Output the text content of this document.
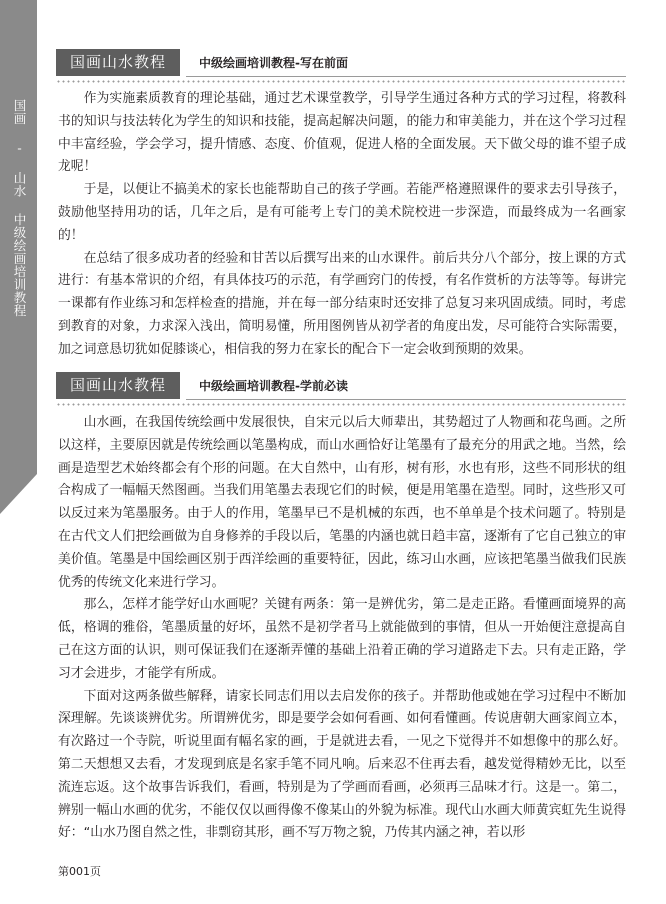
国画 - 山水 中级绘画培训教程
国画山水教程	中级绘画培训教程-写在前面

作为实施素质教育的理论基础，通过艺术课堂教学，引导学生通过各种方式的学习过程，将教科书的知识与技法转化为学生的知识和技能，提高起解决问题，的能力和审美能力，并在这个学习过程中丰富经验，学会学习，提升情感、态度、价值观，促进人格的全面发展。天下做父母的谁不望子成龙呢！

于是，以便让不搞美术的家长也能帮助自己的孩子学画。若能严格遵照课件的要求去引导孩子，鼓励他坚持用功的话，几年之后，是有可能考上专门的美术院校进一步深造，而最终成为一名画家的！

在总结了很多成功者的经验和甘苦以后撰写出来的山水课件。前后共分八个部分，按上课的方式进行：有基本常识的介绍，有具体技巧的示范，有学画窍门的传授，有名作赏析的方法等等。每讲完一课都有作业练习和怎样检查的措施，并在每一部分结束时还安排了总复习来巩固成绩。同时，考虑到教育的对象，力求深入浅出，简明易懂，所用图例皆从初学者的角度出发，尽可能符合实际需要，加之词意恳切犹如促膝谈心，相信我的努力在家长的配合下一定会收到预期的效果。

国画山水教程	中级绘画培训教程-学前必读

山水画，在我国传统绘画中发展很快，自宋元以后大师辈出，其势超过了人物画和花鸟画。之所以这样，主要原因就是传统绘画以笔墨构成，而山水画恰好让笔墨有了最充分的用武之地。当然，绘画是造型艺术始终都会有个形的问题。在大自然中，山有形，树有形，水也有形，这些不同形状的组合构成了一幅幅天然图画。当我们用笔墨去表现它们的时候，便是用笔墨在造型。同时，这些形又可以反过来为笔墨服务。由于人的作用，笔墨早已不是机械的东西，也不单单是个技术问题了。特别是在古代文人们把绘画做为自身修养的手段以后，笔墨的内涵也就日趋丰富，逐渐有了它自己独立的审美价值。笔墨是中国绘画区别于西洋绘画的重要特征，因此，练习山水画，应该把笔墨当做我们民族优秀的传统文化来进行学习。

那么，怎样才能学好山水画呢？关键有两条：第一是辨优劣，第二是走正路。看懂画面境界的高低，格调的雅俗，笔墨质量的好坏，虽然不是初学者马上就能做到的事情，但从一开始便注意提高自己在这方面的认识，则可保证我们在逐渐弄懂的基础上沿着正确的学习道路走下去。只有走正路，学习才会进步，才能学有所成。

下面对这两条做些解释，请家长同志们用以去启发你的孩子。并帮助他或她在学习过程中不断加深理解。先谈谈辨优劣。所谓辨优劣，即是要学会如何看画、如何看懂画。传说唐朝大画家阎立本，有次路过一个寺院，听说里面有幅名家的画，于是就进去看，一见之下觉得并不如想像中的那么好。第二天想想又去看，才发现到底是名家手笔不同凡响。后来忍不住再去看，越发觉得精妙无比，以至流连忘返。这个故事告诉我们，看画，特别是为了学画而看画，必须再三品味才行。这是一。第二，辨别一幅山水画的优劣，不能仅仅以画得像不像某山的外貌为标准。现代山水画大师黄宾虹先生说得好：“山水乃图自然之性，非剽窃其形，画不写万物之貌，乃传其内涵之神，若以形

第001页
